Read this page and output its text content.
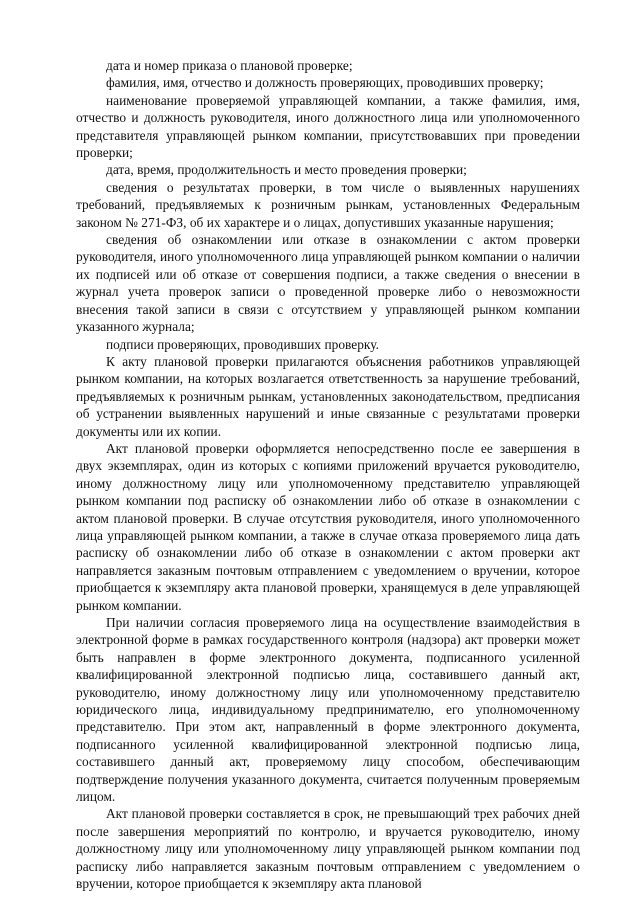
дата и номер приказа о плановой проверке;

фамилия, имя, отчество и должность проверяющих, проводивших проверку;

наименование проверяемой управляющей компании, а также фамилия, имя, отчество и должность руководителя, иного должностного лица или уполномоченного представителя управляющей рынком компании, присутствовавших при проведении проверки;

дата, время, продолжительность и место проведения проверки;

сведения о результатах проверки, в том числе о выявленных нарушениях требований, предъявляемых к розничным рынкам, установленных Федеральным законом № 271-ФЗ, об их характере и о лицах, допустивших указанные нарушения;

сведения об ознакомлении или отказе в ознакомлении с актом проверки руководителя, иного уполномоченного лица управляющей рынком компании о наличии их подписей или об отказе от совершения подписи, а также сведения о внесении в журнал учета проверок записи о проведенной проверке либо о невозможности внесения такой записи в связи с отсутствием у управляющей рынком компании указанного журнала;

подписи проверяющих, проводивших проверку.

К акту плановой проверки прилагаются объяснения работников управляющей рынком компании, на которых возлагается ответственность за нарушение требований, предъявляемых к розничным рынкам, установленных законодательством, предписания об устранении выявленных нарушений и иные связанные с результатами проверки документы или их копии.

Акт плановой проверки оформляется непосредственно после ее завершения в двух экземплярах, один из которых с копиями приложений вручается руководителю, иному должностному лицу или уполномоченному представителю управляющей рынком компании под расписку об ознакомлении либо об отказе в ознакомлении с актом плановой проверки. В случае отсутствия руководителя, иного уполномоченного лица управляющей рынком компании, а также в случае отказа проверяемого лица дать расписку об ознакомлении либо об отказе в ознакомлении с актом проверки акт направляется заказным почтовым отправлением с уведомлением о вручении, которое приобщается к экземпляру акта плановой проверки, хранящемуся в деле управляющей рынком компании.

При наличии согласия проверяемого лица на осуществление взаимодействия в электронной форме в рамках государственного контроля (надзора) акт проверки может быть направлен в форме электронного документа, подписанного усиленной квалифицированной электронной подписью лица, составившего данный акт, руководителю, иному должностному лицу или уполномоченному представителю юридического лица, индивидуальному предпринимателю, его уполномоченному представителю. При этом акт, направленный в форме электронного документа, подписанного усиленной квалифицированной электронной подписью лица, составившего данный акт, проверяемому лицу способом, обеспечивающим подтверждение получения указанного документа, считается полученным проверяемым лицом.

Акт плановой проверки составляется в срок, не превышающий трех рабочих дней после завершения мероприятий по контролю, и вручается руководителю, иному должностному лицу или уполномоченному лицу управляющей рынком компании под расписку либо направляется заказным почтовым отправлением с уведомлением о вручении, которое приобщается к экземпляру акта плановой
